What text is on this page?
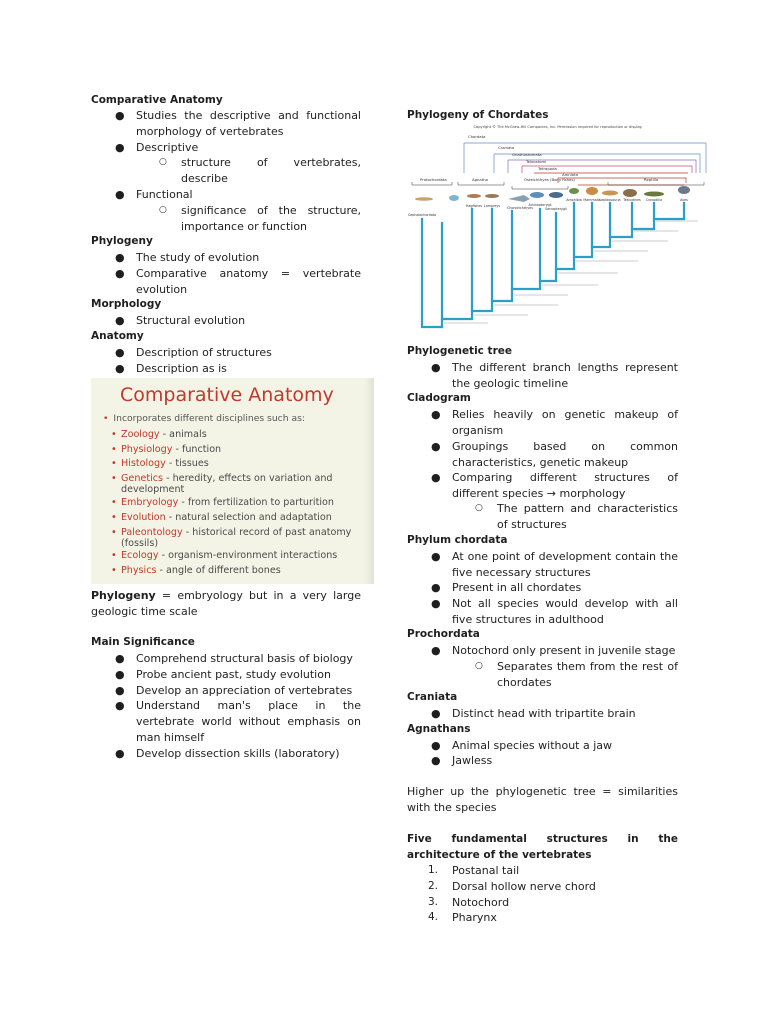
Comparative Anatomy
● Studies the descriptive and functional morphology of vertebrates
● Descriptive
○ structure of vertebrates, describe
● Functional
○ significance of the structure, importance or function
Phylogeny
● The study of evolution
● Comparative anatomy = vertebrate evolution
Morphology
● Structural evolution
Anatomy
● Description of structures
● Description as is
Phylogeny = embryology but in a very large geologic time scale
Main Significance
● Comprehend structural basis of biology
● Probe ancient past, study evolution
● Develop an appreciation of vertebrates
● Understand man's place in the vertebrate world without emphasis on man himself
● Develop dissection skills (laboratory)
Comparative Anatomy
• Incorporates different disciplines such as:
• Zoology - animals
• Physiology - function
• Histology - tissues
• Genetics - heredity, effects on variation and development
• Embryology - from fertilization to parturition
• Evolution - natural selection and adaptation
• Paleontology - historical record of past anatomy (fossils)
• Ecology - organism-environment interactions
• Physics - angle of different bones
Phylogeny of Chordates
Phylogenetic tree
● The different branch lengths represent the geologic timeline
Cladogram
● Relies heavily on genetic makeup of organism
● Groupings based on common characteristics, genetic makeup
● Comparing different structures of different species → morphology
○ The pattern and characteristics of structures
Phylum chordata
● At one point of development contain the five necessary structures
● Present in all chordates
● Not all species would develop with all five structures in adulthood
Prochordata
● Notochord only present in juvenile stage
○ Separates them from the rest of chordates
Craniata
● Distinct head with tripartite brain
Agnathans
● Animal species without a jaw
● Jawless
Higher up the phylogenetic tree = similarities with the species
Five fundamental structures in the architecture of the vertebrates
1. Postanal tail
2. Dorsal hollow nerve chord
3. Notochord
4. Pharynx
Copyright © The McGraw-Hill Companies, Inc. Permission required for reproduction or display.
Chordata
Craniata
Gnathostomata
Teleostomi
Tetrapoda
Amniota
Protochordata	Agnatha	Osteichthyes (Bony fishes)	Reptilia
Actinopterygii
Sarcopterygii
Cephalochordata
Hagfishes Lampreys Chondrichthyes
Amphibia Mammalia
Lepidosauria Testudines Crocodilia	Aves
